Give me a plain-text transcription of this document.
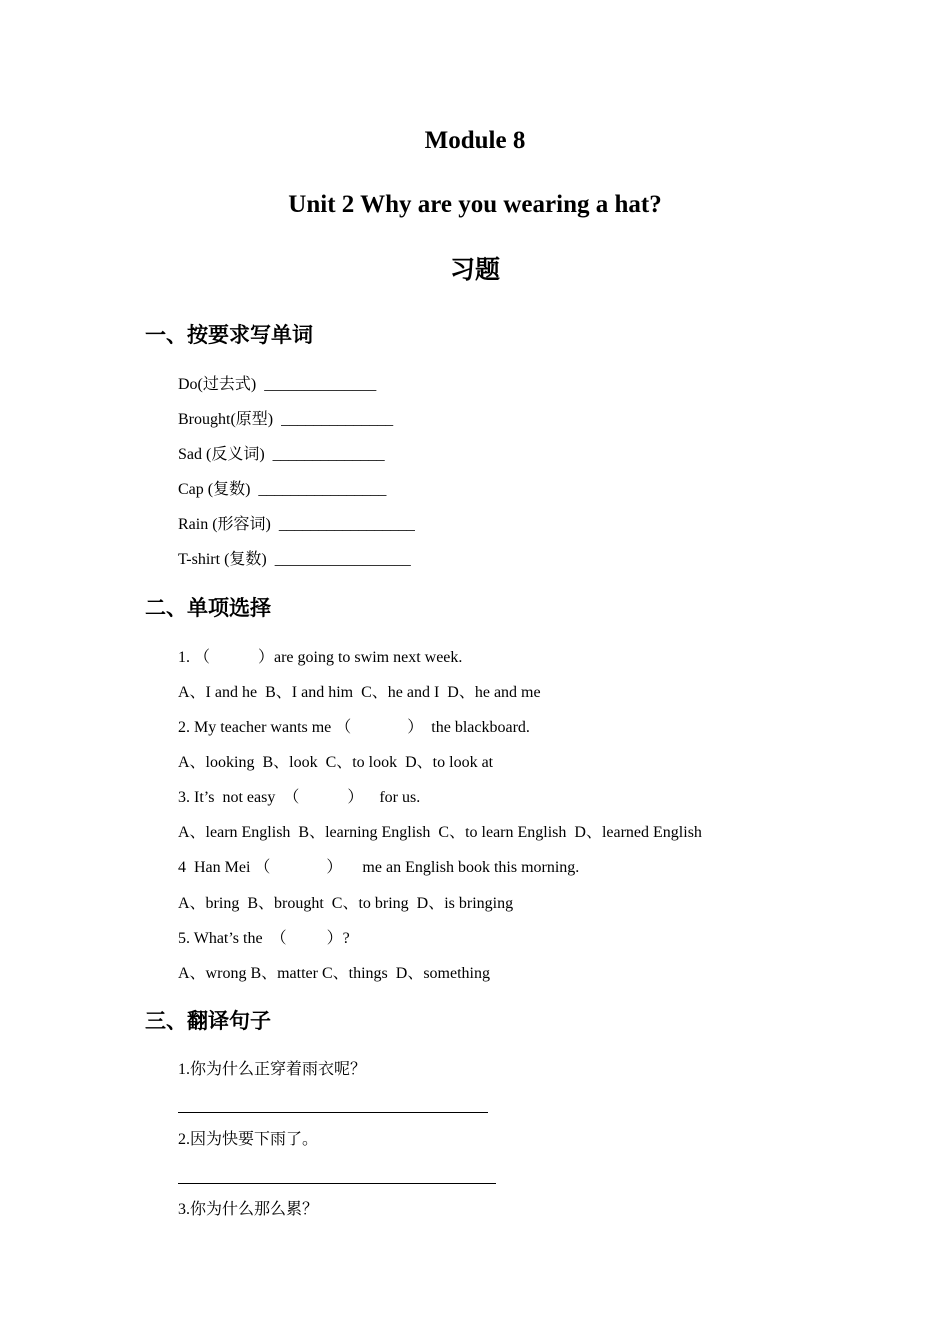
Module 8
Unit 2 Why are you wearing a hat?
习题
一、按要求写单词
Do(过去式)  ______________
Brought(原型)  ______________
Sad (反义词)  ______________
Cap (复数)  ________________
Rain (形容词)  _________________
T-shirt (复数)  _________________
二、单项选择
1. （            ）are going to swim next week.
A、I and he  B、I and him  C、he and I  D、he and me
2. My teacher wants me （              ）  the blackboard.
A、looking  B、look  C、to look  D、to look at
3. It’s  not easy  （            ）    for us.
A、learn English  B、learning English  C、to learn English  D、learned English
4  Han Mei （              ）     me an English book this morning.
A、bring  B、brought  C、to bring  D、is bringing
5. What’s the  （          ）?
A、wrong B、matter C、things  D、something
三、翻译句子
1.你为什么正穿着雨衣呢？
2.因为快要下雨了。
3.你为什么那么累？
